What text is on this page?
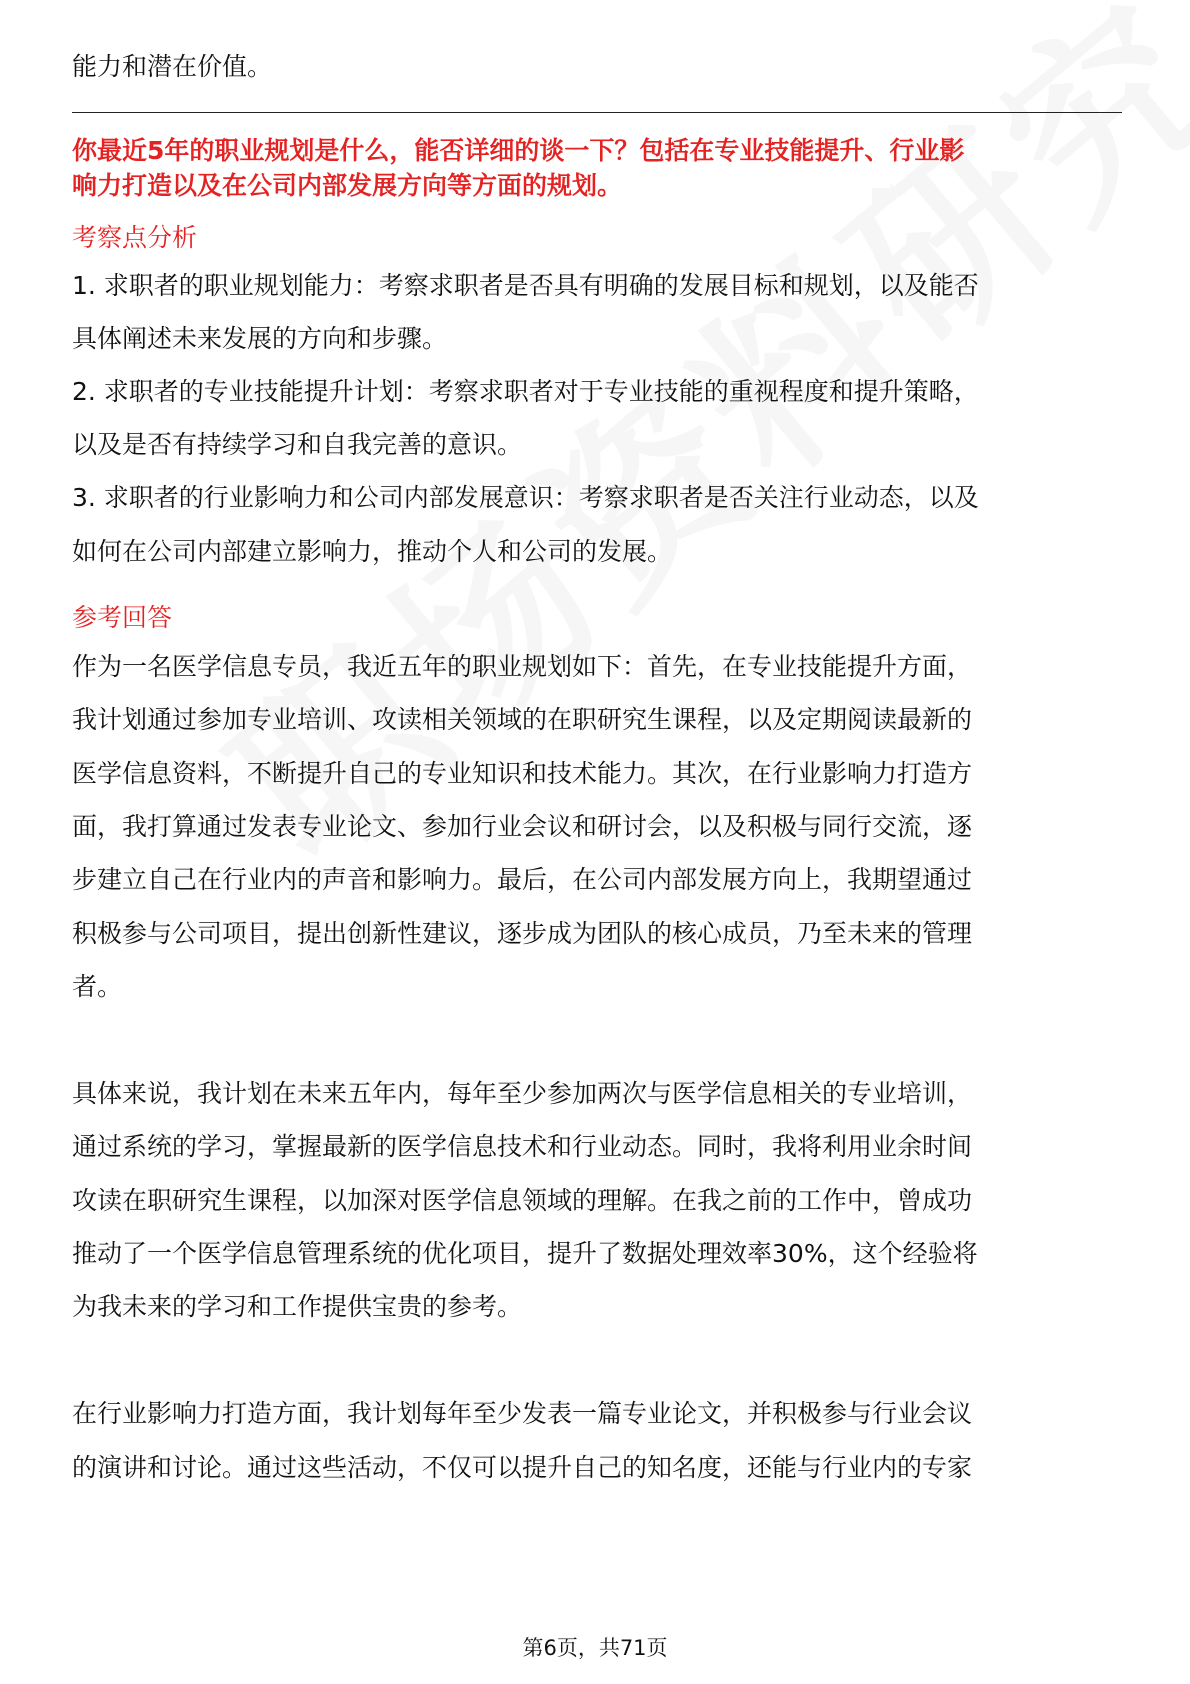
能力和潜在价值。
你最近5年的职业规划是什么，能否详细的谈一下？包括在专业技能提升、行业影
响力打造以及在公司内部发展方向等方面的规划。
考察点分析
1. 求职者的职业规划能力：考察求职者是否具有明确的发展目标和规划，以及能否
具体阐述未来发展的方向和步骤。
2. 求职者的专业技能提升计划：考察求职者对于专业技能的重视程度和提升策略，
以及是否有持续学习和自我完善的意识。
3. 求职者的行业影响力和公司内部发展意识：考察求职者是否关注行业动态，以及
如何在公司内部建立影响力，推动个人和公司的发展。
参考回答
作为一名医学信息专员，我近五年的职业规划如下：首先，在专业技能提升方面，
我计划通过参加专业培训、攻读相关领域的在职研究生课程，以及定期阅读最新的
医学信息资料，不断提升自己的专业知识和技术能力。其次，在行业影响力打造方
面，我打算通过发表专业论文、参加行业会议和研讨会，以及积极与同行交流，逐
步建立自己在行业内的声音和影响力。最后，在公司内部发展方向上，我期望通过
积极参与公司项目，提出创新性建议，逐步成为团队的核心成员，乃至未来的管理
者。
具体来说，我计划在未来五年内，每年至少参加两次与医学信息相关的专业培训，
通过系统的学习，掌握最新的医学信息技术和行业动态。同时，我将利用业余时间
攻读在职研究生课程，以加深对医学信息领域的理解。在我之前的工作中，曾成功
推动了一个医学信息管理系统的优化项目，提升了数据处理效率30%，这个经验将
为我未来的学习和工作提供宝贵的参考。
在行业影响力打造方面，我计划每年至少发表一篇专业论文，并积极参与行业会议
的演讲和讨论。通过这些活动，不仅可以提升自己的知名度，还能与行业内的专家
第6页，共71页
